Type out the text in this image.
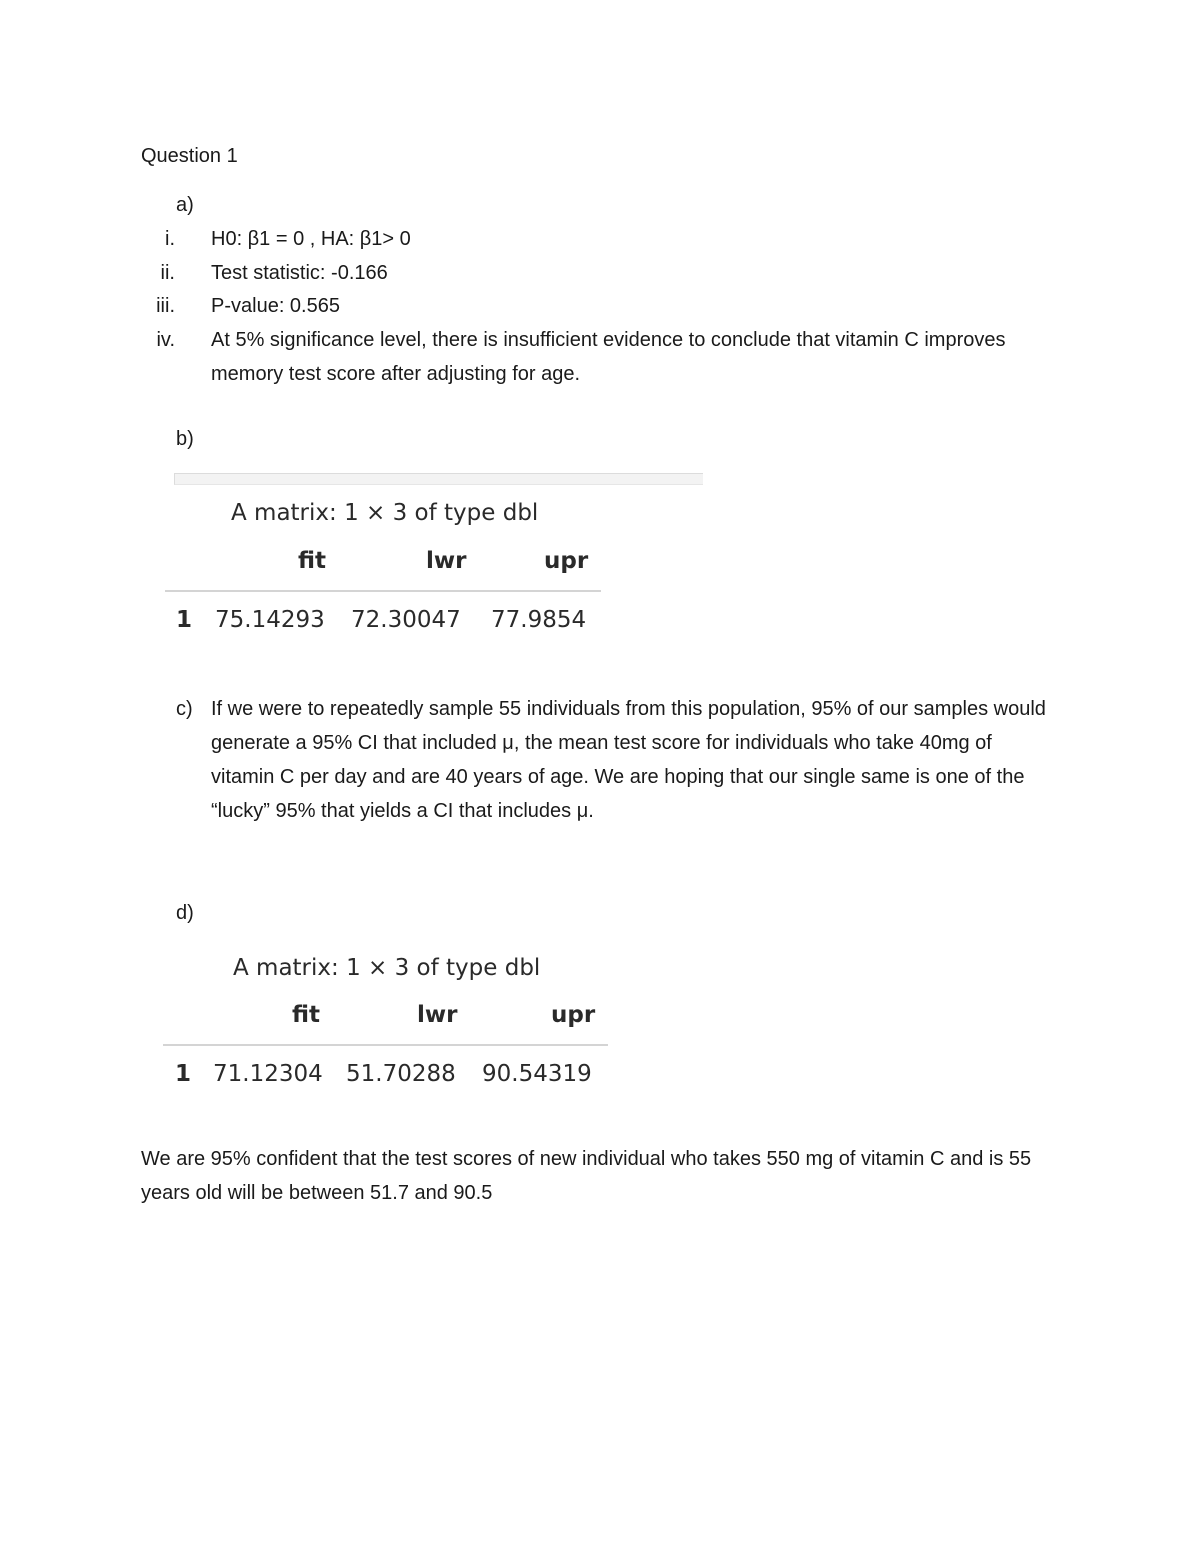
Question 1
a)
i. H0: β1 = 0 , HA: β1> 0
ii. Test statistic: -0.166
iii. P-value: 0.565
iv. At 5% significance level, there is insufficient evidence to conclude that vitamin C improves memory test score after adjusting for age.
b)
A matrix: 1 × 3 of type dbl
fit	lwr	upr
1 75.14293 72.30047 77.9854
c) If we were to repeatedly sample 55 individuals from this population, 95% of our samples would generate a 95% CI that included μ, the mean test score for individuals who take 40mg of vitamin C per day and are 40 years of age. We are hoping that our single same is one of the “lucky” 95% that yields a CI that includes μ.
d)
A matrix: 1 × 3 of type dbl
fit	lwr	upr
1 71.12304 51.70288 90.54319
We are 95% confident that the test scores of new individual who takes 550 mg of vitamin C and is 55 years old will be between 51.7 and 90.5
